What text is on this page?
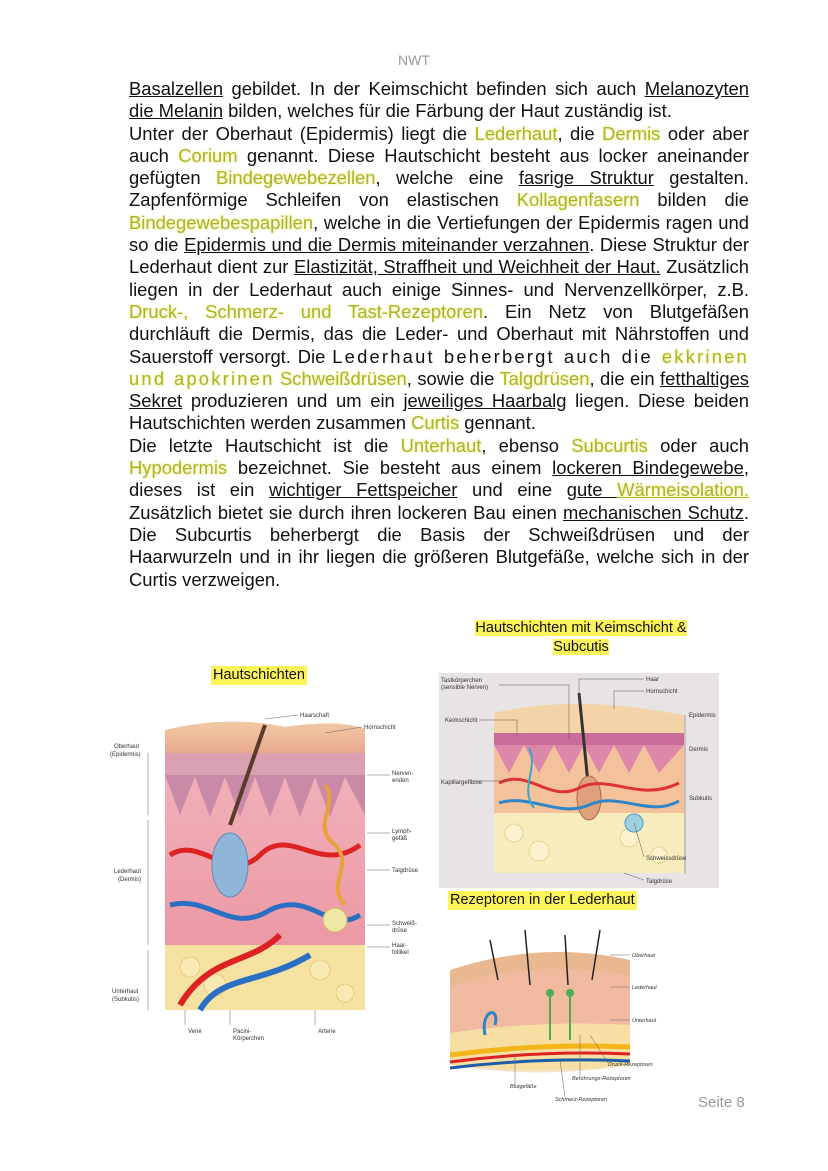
NWT

Basalzellen gebildet. In der Keimschicht befinden sich auch Melanozyten die Melanin bilden, welches für die Färbung der Haut zuständig ist.

Unter der Oberhaut (Epidermis) liegt die Lederhaut, die Dermis oder aber auch Corium genannt. Diese Hautschicht besteht aus locker aneinander gefügten Bindegewebezellen, welche eine fasrige Struktur gestalten. Zapfenförmige Schleifen von elastischen Kollagenfasern bilden die Bindegewebespapillen, welche in die Vertiefungen der Epidermis ragen und so die Epidermis und die Dermis miteinander verzahnen. Diese Struktur der Lederhaut dient zur Elastizität, Straffheit und Weichheit der Haut. Zusätzlich liegen in der Lederhaut auch einige Sinnes- und Nervenzellkörper, z.B. Druck-, Schmerz- und Tast-Rezeptoren. Ein Netz von Blutgefäßen durchläuft die Dermis, das die Leder- und Oberhaut mit Nährstoffen und Sauerstoff versorgt. Die Lederhaut beherbergt auch die ekkrinen und apokrinen Schweißdrüsen, sowie die Talgdrüsen, die ein fetthaltiges Sekret produzieren und um ein jeweiliges Haarbalg liegen. Diese beiden Hautschichten werden zusammen Curtis gennant.

Die letzte Hautschicht ist die Unterhaut, ebenso Subcurtis oder auch Hypodermis bezeichnet. Sie besteht aus einem lockeren Bindegewebe, dieses ist ein wichtiger Fettspeicher und eine gute Wärmeisolation. Zusätzlich bietet sie durch ihren lockeren Bau einen mechanischen Schutz. Die Subcurtis beherbergt die Basis der Schweißdrüsen und der Haarwurzeln und in ihr liegen die größeren Blutgefäße, welche sich in der Curtis verzweigen.

Hautschichten mit Keimschicht &
Subcutis
Hautschichten
Rezeptoren in der Lederhaut
Haarschaft
Hornschicht
Oberhaut
(Epidermis)
Nerven-
enden
Lymph-
gefäß
Talgdrüse
Lederhaut
(Dermis)
Schweiß-
drüse
Haar-
follikel
Unterhaut
(Subkutis)
Vene	Pacini-
Körperchen
Arterie
Tastkörperchen
(sensible Nerven)
Haar
Hornschicht
Keimschicht
Epidermis
Dermis
Kapillargefässe
Subkutis
Schweissdrüse
Talgdrüse
Oberhaut
Lederhaut
Unterhaut
Druck-Rezeptoren
Berührungs-Rezeptoren
Blutgefäße
Schmerz-Rezeptoren	Seite 8
